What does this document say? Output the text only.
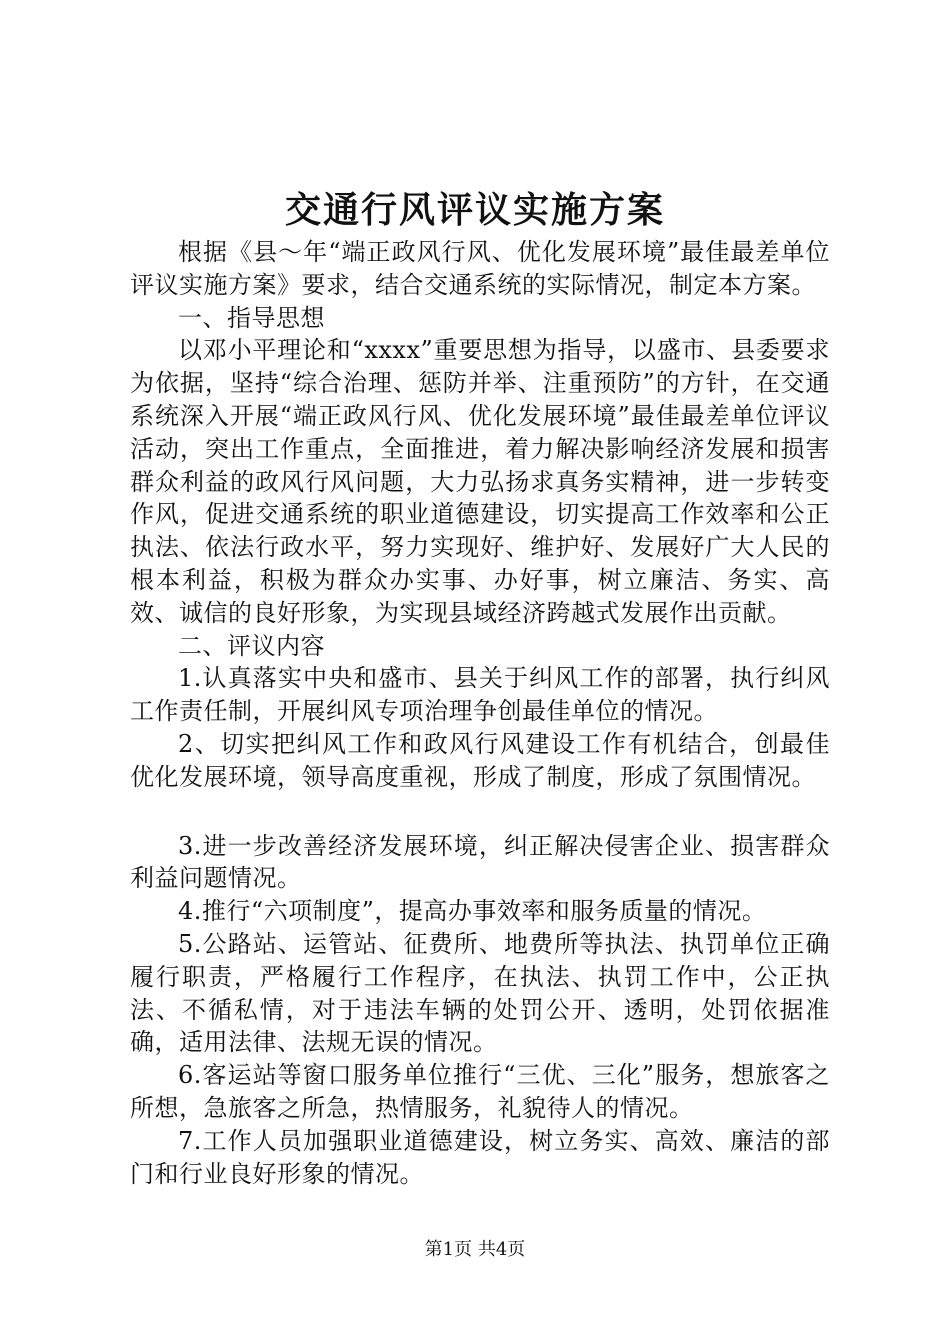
交通行风评议实施方案

根据《县～年“端正政风行风、优化发展环境”最佳最差单位评议实施方案》要求，结合交通系统的实际情况，制定本方案。

一、指导思想

以邓小平理论和“xxxx”重要思想为指导，以盛市、县委要求为依据，坚持“综合治理、惩防并举、注重预防”的方针，在交通系统深入开展“端正政风行风、优化发展环境”最佳最差单位评议活动，突出工作重点，全面推进，着力解决影响经济发展和损害群众利益的政风行风问题，大力弘扬求真务实精神，进一步转变作风，促进交通系统的职业道德建设，切实提高工作效率和公正执法、依法行政水平，努力实现好、维护好、发展好广大人民的根本利益，积极为群众办实事、办好事，树立廉洁、务实、高效、诚信的良好形象，为实现县域经济跨越式发展作出贡献。

二、评议内容

1.认真落实中央和盛市、县关于纠风工作的部署，执行纠风工作责任制，开展纠风专项治理争创最佳单位的情况。

2、切实把纠风工作和政风行风建设工作有机结合，创最佳优化发展环境，领导高度重视，形成了制度，形成了氛围情况。

3.进一步改善经济发展环境，纠正解决侵害企业、损害群众利益问题情况。

4.推行“六项制度”，提高办事效率和服务质量的情况。

5.公路站、运管站、征费所、地费所等执法、执罚单位正确履行职责，严格履行工作程序，在执法、执罚工作中，公正执法、不循私情，对于违法车辆的处罚公开、透明，处罚依据准确，适用法律、法规无误的情况。

6.客运站等窗口服务单位推行“三优、三化”服务，想旅客之所想，急旅客之所急，热情服务，礼貌待人的情况。

7.工作人员加强职业道德建设，树立务实、高效、廉洁的部门和行业良好形象的情况。

第1页 共4页
